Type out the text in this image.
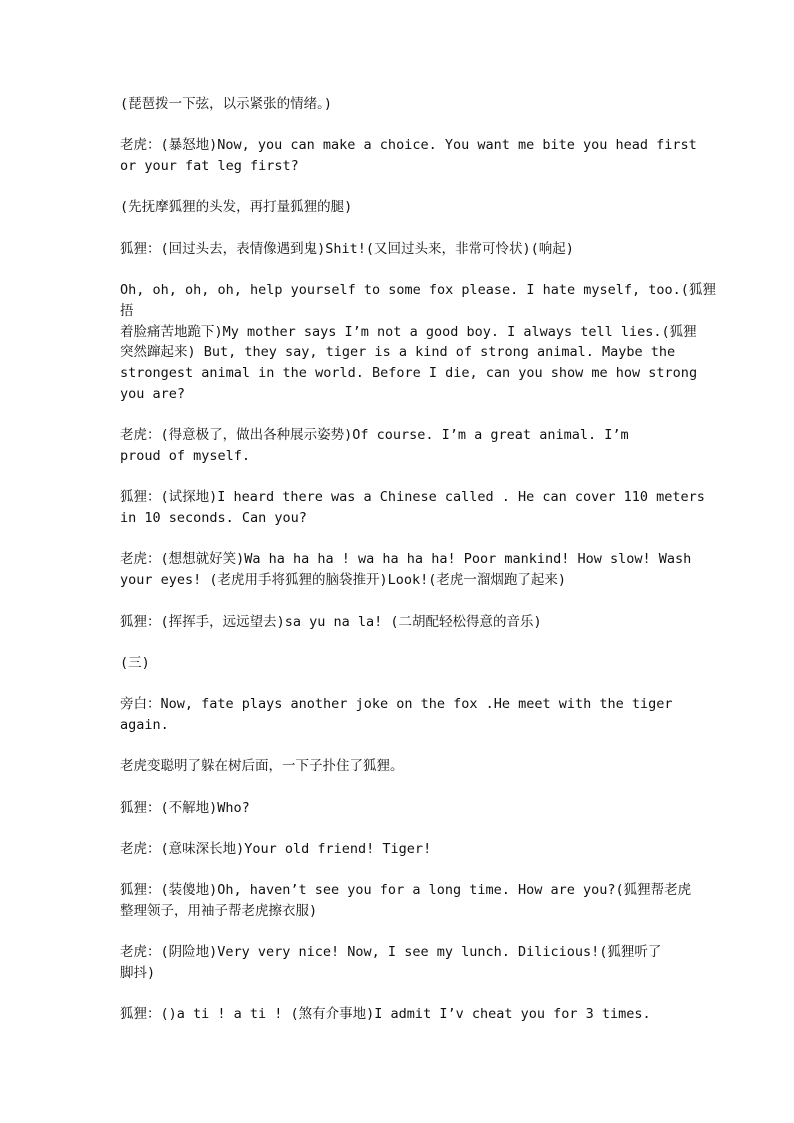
(琵琶拨一下弦，以示紧张的情绪。)
老虎：(暴怒地)Now, you can make a choice. You want me bite you head first
or your fat leg first?
(先抚摩狐狸的头发，再打量狐狸的腿)
狐狸：(回过头去，表情像遇到鬼)Shit!(又回过头来，非常可怜状)(响起)
Oh, oh, oh, oh, help yourself to some fox please. I hate myself, too.(狐狸捂
着脸痛苦地跪下)My mother says I’m not a good boy. I always tell lies.(狐狸
突然蹿起来) But, they say, tiger is a kind of strong animal. Maybe the
strongest animal in the world. Before I die, can you show me how strong
you are?
老虎：(得意极了，做出各种展示姿势)Of course. I’m a great animal. I’m
proud of myself.
狐狸：(试探地)I heard there was a Chinese called . He can cover 110 meters
in 10 seconds. Can you?
老虎：(想想就好笑)Wa ha ha ha ! wa ha ha ha! Poor mankind! How slow! Wash
your eyes! (老虎用手将狐狸的脑袋推开)Look!(老虎一溜烟跑了起来)
狐狸：(挥挥手，远远望去)sa yu na la! (二胡配轻松得意的音乐)
(三)
旁白：Now, fate plays another joke on the fox .He meet with the tiger
again.
老虎变聪明了躲在树后面，一下子扑住了狐狸。
狐狸：(不解地)Who?
老虎：(意味深长地)Your old friend! Tiger!
狐狸：(装傻地)Oh, haven’t see you for a long time. How are you?(狐狸帮老虎
整理领子，用袖子帮老虎擦衣服)
老虎：(阴险地)Very very nice! Now, I see my lunch. Dilicious!(狐狸听了
脚抖)
狐狸：()a ti ! a ti ! (煞有介事地)I admit I’v cheat you for 3 times.
